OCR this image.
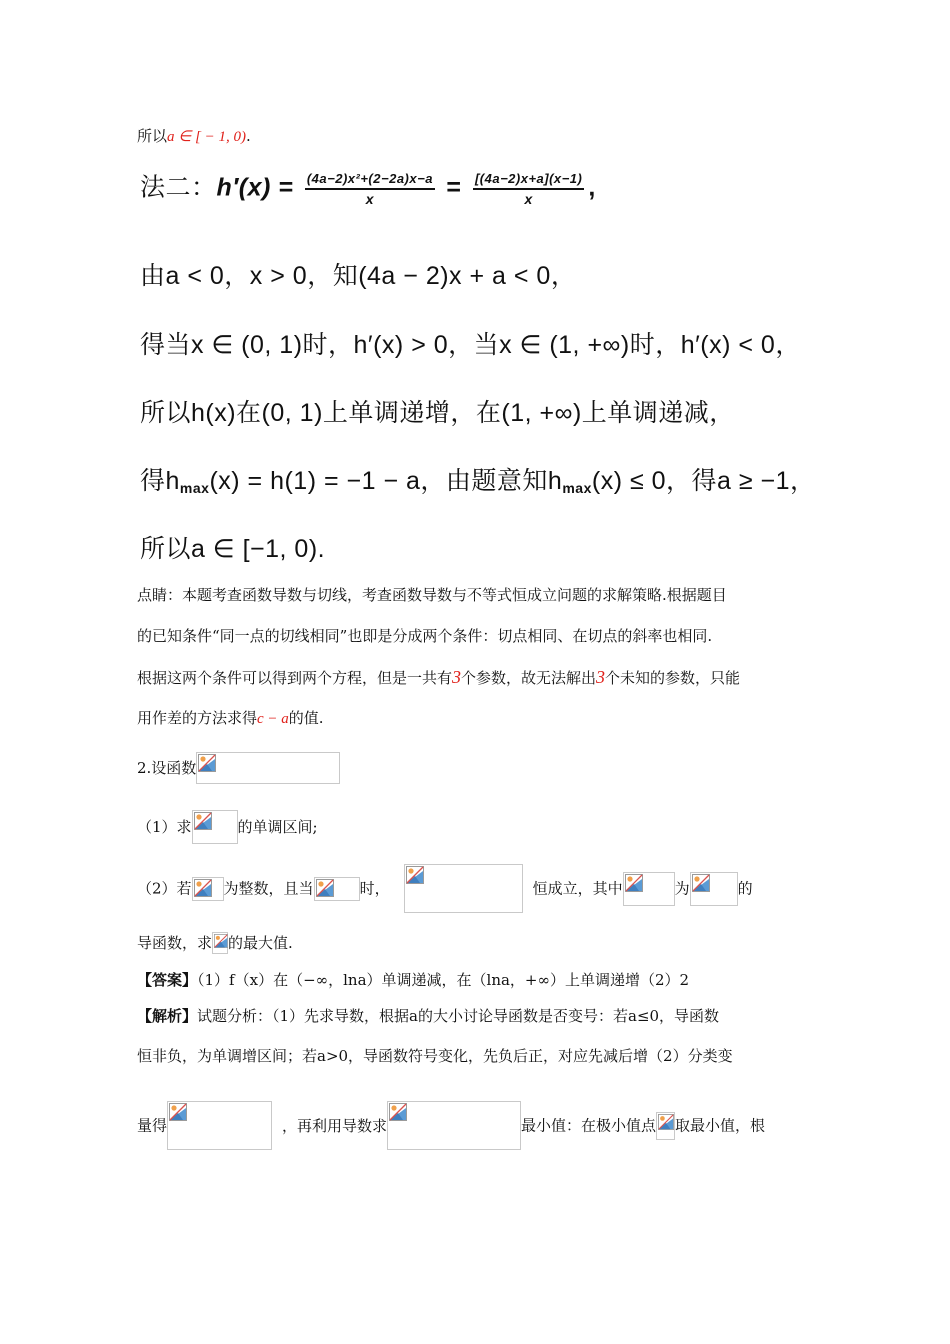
所以a ∈ [ − 1, 0).
法二：$h'(x) = \frac{\text{(4a−2)x²+(2−2a)x−a}}{x} = \frac{[(4a-2)x+a](x-1)}{x}$ ,
由a < 0，x > 0，知(4a − 2)x + a < 0，
得当x ∈ (0, 1)时，h′(x) > 0，当x ∈ (1, +∞)时，h′(x) < 0，
所以h(x)在(0, 1)上单调递增，在(1, +∞)上单调递减，
得$h_{max}(x) = h(1) = -1 - a$，由题意知$h_{max}(x) \le 0$，得a ≥ −1，
所以a ∈ [−1, 0).
点睛：本题考查函数导数与切线，考查函数导数与不等式恒成立问题的求解策略.根据题目
的已知条件“同一点的切线相同”也即是分成两个条件：切点相同、在切点的斜率也相同.
根据这两个条件可以得到两个方程，但是一共有3个参数，故无法解出3个未知的参数，只能
用作差的方法求得c − a的值.
2.设函数
（1）求	的单调区间;
（2）若 为整数，且当	时，	恒成立，其中	为	的
导函数，求 的最大值.
【答案】（1）f（x）在（−∞，lna）单调递减，在（lna，+∞）上单调递增（2）2
【解析】试题分析：（1）先求导数，根据a的大小讨论导函数是否变号：若a≤0，导函数
恒非负，为单调增区间；若a>0，导函数符号变化，先负后正，对应先减后增（2）分类变
量得	，再利用导数求	最小值：在极小值点 取最小值，根
